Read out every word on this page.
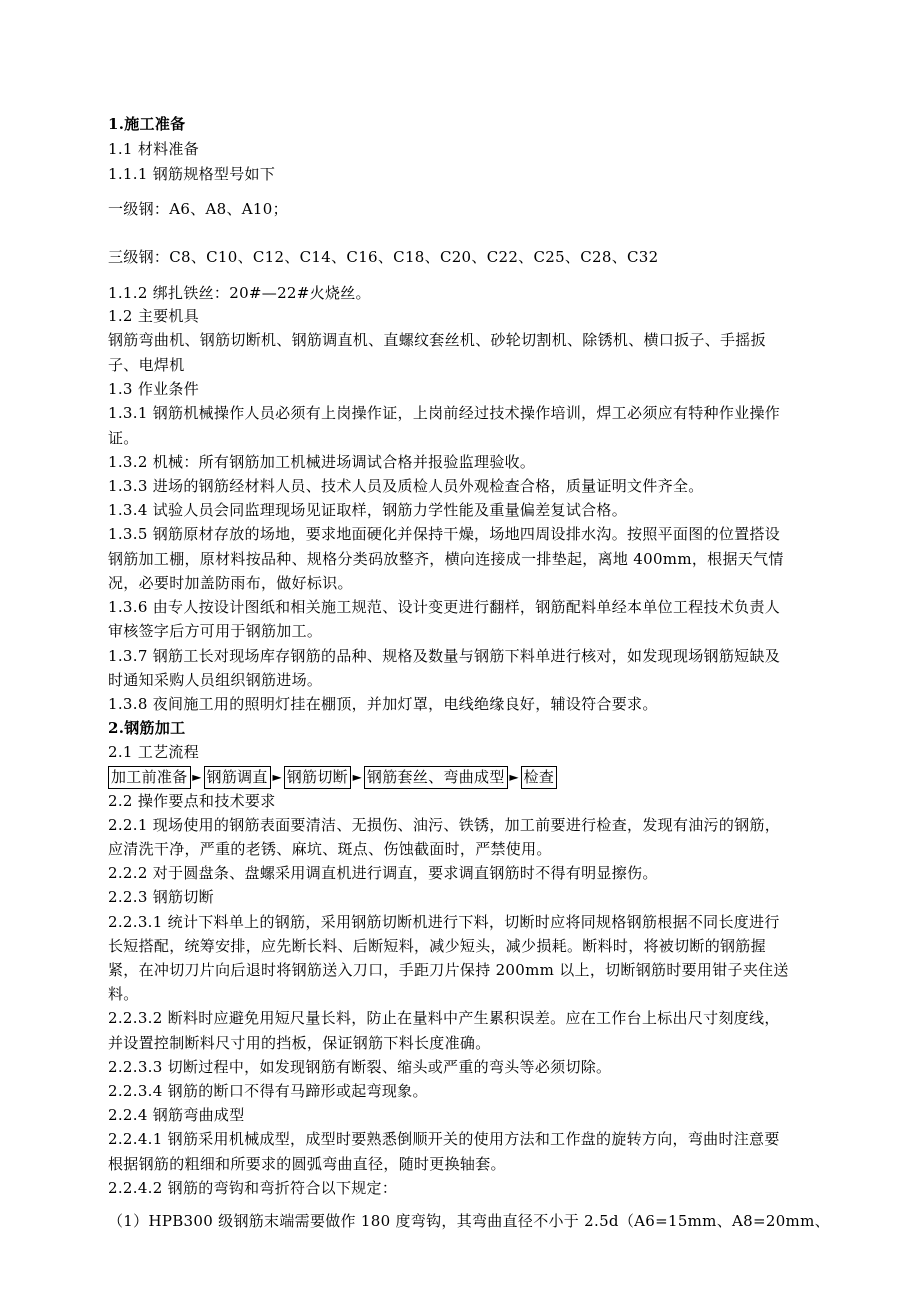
1.施工准备
1.1 材料准备
1.1.1 钢筋规格型号如下
一级钢：A6、A8、A10；
三级钢：C8、C10、C12、C14、C16、C18、C20、C22、C25、C28、C32
1.1.2 绑扎铁丝：20#—22#火烧丝。
1.2 主要机具
钢筋弯曲机、钢筋切断机、钢筋调直机、直螺纹套丝机、砂轮切割机、除锈机、横口扳子、手摇扳
子、电焊机
1.3 作业条件
1.3.1 钢筋机械操作人员必须有上岗操作证，上岗前经过技术操作培训，焊工必须应有特种作业操作
证。
1.3.2 机械：所有钢筋加工机械进场调试合格并报验监理验收。
1.3.3 进场的钢筋经材料人员、技术人员及质检人员外观检查合格，质量证明文件齐全。
1.3.4 试验人员会同监理现场见证取样，钢筋力学性能及重量偏差复试合格。
1.3.5 钢筋原材存放的场地，要求地面硬化并保持干燥，场地四周设排水沟。按照平面图的位置搭设
钢筋加工棚，原材料按品种、规格分类码放整齐，横向连接成一排垫起，离地 400mm，根据天气情
况，必要时加盖防雨布，做好标识。
1.3.6 由专人按设计图纸和相关施工规范、设计变更进行翻样，钢筋配料单经本单位工程技术负责人
审核签字后方可用于钢筋加工。
1.3.7 钢筋工长对现场库存钢筋的品种、规格及数量与钢筋下料单进行核对，如发现现场钢筋短缺及
时通知采购人员组织钢筋进场。
1.3.8 夜间施工用的照明灯挂在棚顶，并加灯罩，电线绝缘良好，辅设符合要求。
2.钢筋加工
2.1 工艺流程
加工前准备 ► 钢筋调直 ► 钢筋切断 ► 钢筋套丝、弯曲成型 ► 检查
2.2 操作要点和技术要求
2.2.1 现场使用的钢筋表面要清洁、无损伤、油污、铁锈，加工前要进行检查，发现有油污的钢筋，
应清洗干净，严重的老锈、麻坑、斑点、伤蚀截面时，严禁使用。
2.2.2 对于圆盘条、盘螺采用调直机进行调直，要求调直钢筋时不得有明显擦伤。
2.2.3 钢筋切断
2.2.3.1 统计下料单上的钢筋，采用钢筋切断机进行下料，切断时应将同规格钢筋根据不同长度进行
长短搭配，统筹安排，应先断长料、后断短料，减少短头，减少损耗。断料时，将被切断的钢筋握
紧，在冲切刀片向后退时将钢筋送入刀口，手距刀片保持 200mm 以上，切断钢筋时要用钳子夹住送
料。
2.2.3.2 断料时应避免用短尺量长料，防止在量料中产生累积误差。应在工作台上标出尺寸刻度线，
并设置控制断料尺寸用的挡板，保证钢筋下料长度准确。
2.2.3.3 切断过程中，如发现钢筋有断裂、缩头或严重的弯头等必须切除。
2.2.3.4 钢筋的断口不得有马蹄形或起弯现象。
2.2.4 钢筋弯曲成型
2.2.4.1 钢筋采用机械成型，成型时要熟悉倒顺开关的使用方法和工作盘的旋转方向，弯曲时注意要
根据钢筋的粗细和所要求的圆弧弯曲直径，随时更换轴套。
2.2.4.2 钢筋的弯钩和弯折符合以下规定：
（1）HPB300 级钢筋末端需要做作 180 度弯钩，其弯曲直径不小于 2.5d（A6=15mm、A8=20mm、
